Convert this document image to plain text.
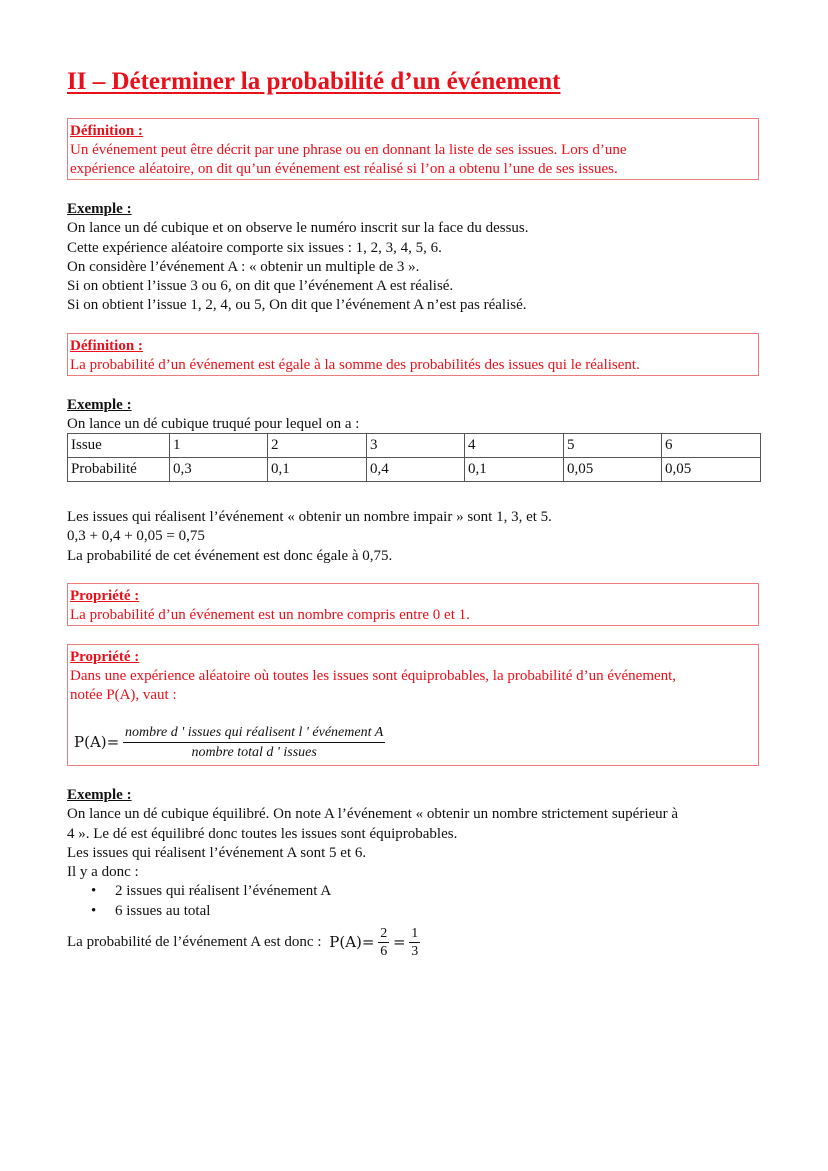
II – Déterminer la probabilité d’un événement
Définition :

Un événement peut être décrit par une phrase ou en donnant la liste de ses issues. Lors d’une

expérience aléatoire, on dit qu’un événement est réalisé si l’on a obtenu l’une de ses issues.

Exemple :

On lance un dé cubique et on observe le numéro inscrit sur la face du dessus.

Cette expérience aléatoire comporte six issues : 1, 2, 3, 4, 5, 6.

On considère l’événement A : « obtenir un multiple de 3 ».

Si on obtient l’issue 3 ou 6, on dit que l’événement A est réalisé.

Si on obtient l’issue 1, 2, 4, ou 5, On dit que l’événement A n’est pas réalisé.

Définition :

La probabilité d’un événement est égale à la somme des probabilités des issues qui le réalisent.

Exemple :

On lance un dé cubique truqué pour lequel on a :

Issue	1	2	3	4	5	6
Probabilité	0,3	0,1	0,4	0,1	0,05	0,05

Les issues qui réalisent l’événement « obtenir un nombre impair » sont 1, 3, et 5.

0,3 + 0,4 + 0,05 = 0,75

La probabilité de cet événement est donc égale à 0,75.

Propriété :

La probabilité d’un événement est un nombre compris entre 0 et 1.

Propriété :

Dans une expérience aléatoire où toutes les issues sont équiprobables, la probabilité d’un événement,

notée P(A), vaut :

$P(A)= \frac{\text{nombre d ' issues qui réalisent l ' événement A}}{\text{nombre total d ' issues}}$
Exemple :

On lance un dé cubique équilibré. On note A l’événement « obtenir un nombre strictement supérieur à

4 ». Le dé est équilibré donc toutes les issues sont équiprobables.

Les issues qui réalisent l’événement A sont 5 et 6.

Il y a donc :

• 2 issues qui réalisent l’événement A
• 6 issues au total
La probabilité de l’événement A est donc : $P(A)= \frac{2}{6} = \frac{1}{3}$
